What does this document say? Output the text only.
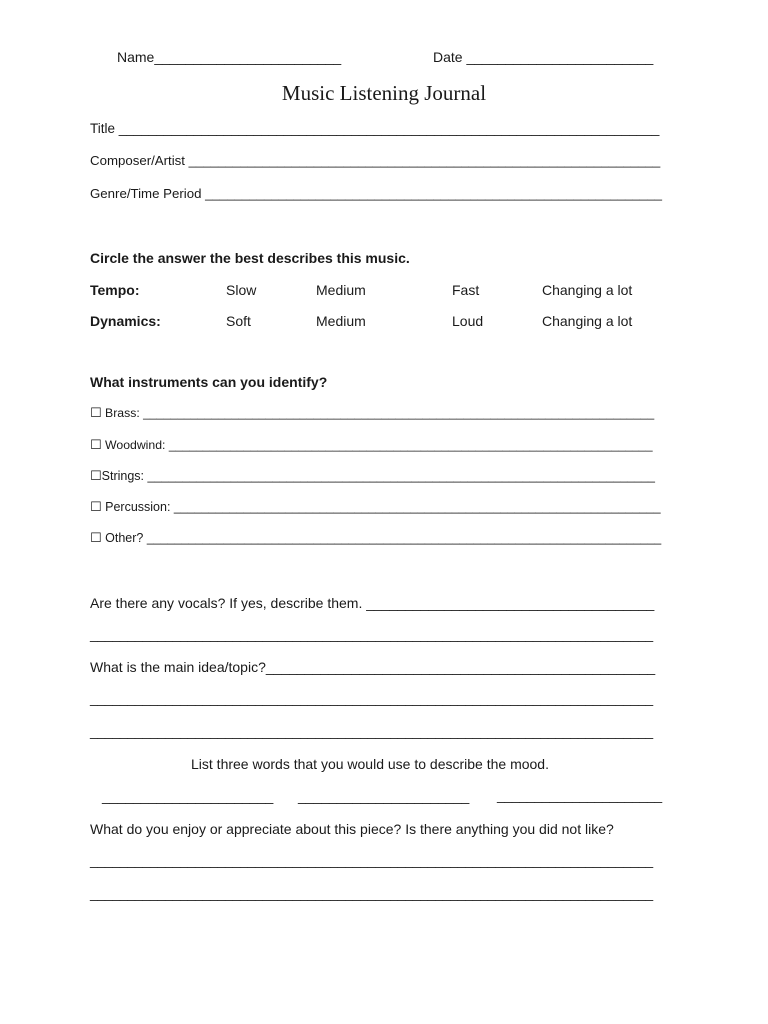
Name________________________	Date ________________________
Music Listening Journal
Title ________________________________________________________________________
Composer/Artist ________________________________________________________________
Genre/Time Period ______________________________________________________________
Circle the answer the best describes this music.
Tempo:	Slow	Medium	Fast	Changing a lot
Dynamics:	Soft	Medium	Loud	Changing a lot
What instruments can you identify?
☐ Brass: ___________________________________________________________________________
☐ Woodwind: _______________________________________________________________________
☐Strings: _________________________________________________________________________
☐ Percussion: ______________________________________________________________________
☐ Other? __________________________________________________________________________
Are there any vocals? If yes, describe them. _____________________________________
___________________________________________________________________________
What is the main idea/topic?__________________________________________________
___________________________________________________________________________
___________________________________________________________________________
List three words that you would use to describe the mood.
______________________ ______________________ ______________________
What do you enjoy or appreciate about this piece? Is there anything you did not like?
___________________________________________________________________________
___________________________________________________________________________
